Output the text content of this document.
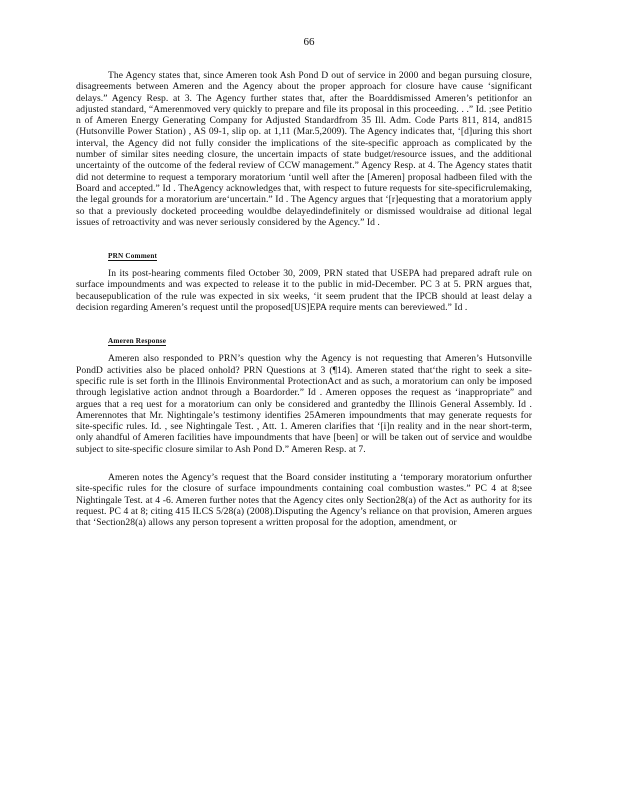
66

The Agency states that, since Ameren took Ash Pond D out of service in 2000 and began pursuing closure, disagreements between Ameren and the Agency about the proper approach for closure have cause ‘significant delays.” Agency Resp. at 3. The Agency further states that, after the Boarddismissed Ameren’s petitionfor an adjusted standard, “Amerenmoved very quickly to prepare and file its proposal in this proceeding. . .” Id. ;see Petitio n of Ameren Energy Generating Company for Adjusted Standardfrom 35 Ill. Adm. Code Parts 811, 814, and815 (Hutsonville Power Station) , AS 09-1, slip op. at 1,11 (Mar.5,2009). The Agency indicates that, ‘[d]uring this short interval, the Agency did not fully consider the implications of the site-specific approach as complicated by the number of similar sites needing closure, the uncertain impacts of state budget/resource issues, and the additional uncertainty of the outcome of the federal review of CCW management.” Agency Resp. at 4. The Agency states thatit did not determine to request a temporary moratorium ‘until well after the [Ameren] proposal hadbeen filed with the Board and accepted.” Id . TheAgency acknowledges that, with respect to future requests for site-specificrulemaking, the legal grounds for a moratorium are‘uncertain.” Id . The Agency argues that ‘[r]equesting that a moratorium apply so that a previously docketed proceeding wouldbe delayedindefinitely or dismissed wouldraise ad ditional legal issues of retroactivity and was never seriously considered by the Agency.” Id .

PRN Comment

In its post-hearing comments filed October 30, 2009, PRN stated that USEPA had prepared adraft rule on surface impoundments and was expected to release it to the public in mid-December. PC 3 at 5. PRN argues that, becausepublication of the rule was expected in six weeks, ‘it seem prudent that the IPCB should at least delay a decision regarding Ameren’s request until the proposed[US]EPA require ments can bereviewed.” Id .

Ameren Response

Ameren also responded to PRN’s question why the Agency is not requesting that Ameren’s Hutsonville PondD activities also be placed onhold? PRN Questions at 3 (¶14). Ameren stated that‘the right to seek a site- specific rule is set forth in the Illinois Environmental ProtectionAct and as such, a moratorium can only be imposed through legislative action andnot through a Boardorder.” Id . Ameren opposes the request as ‘inappropriate” and argues that a req uest for a moratorium can only be considered and grantedby the Illinois General Assembly. Id . Amerennotes that Mr. Nightingale’s testimony identifies 25Ameren impoundments that may generate requests for site-specific rules. Id. , see Nightingale Test. , Att. 1. Ameren clarifies that ‘[i]n reality and in the near short-term, only ahandful of Ameren facilities have impoundments that have [been] or will be taken out of service and wouldbe subject to site-specific closure similar to Ash Pond D.” Ameren Resp. at 7.

Ameren notes the Agency’s request that the Board consider instituting a ‘temporary moratorium onfurther site-specific rules for the closure of surface impoundments containing coal combustion wastes.” PC 4 at 8;see Nightingale Test. at 4 -6. Ameren further notes that the Agency cites only Section28(a) of the Act as authority for its request. PC 4 at 8; citing 415 ILCS 5/28(a) (2008).Disputing the Agency’s reliance on that provision, Ameren argues that ‘Section28(a) allows any person topresent a written proposal for the adoption, amendment, or
